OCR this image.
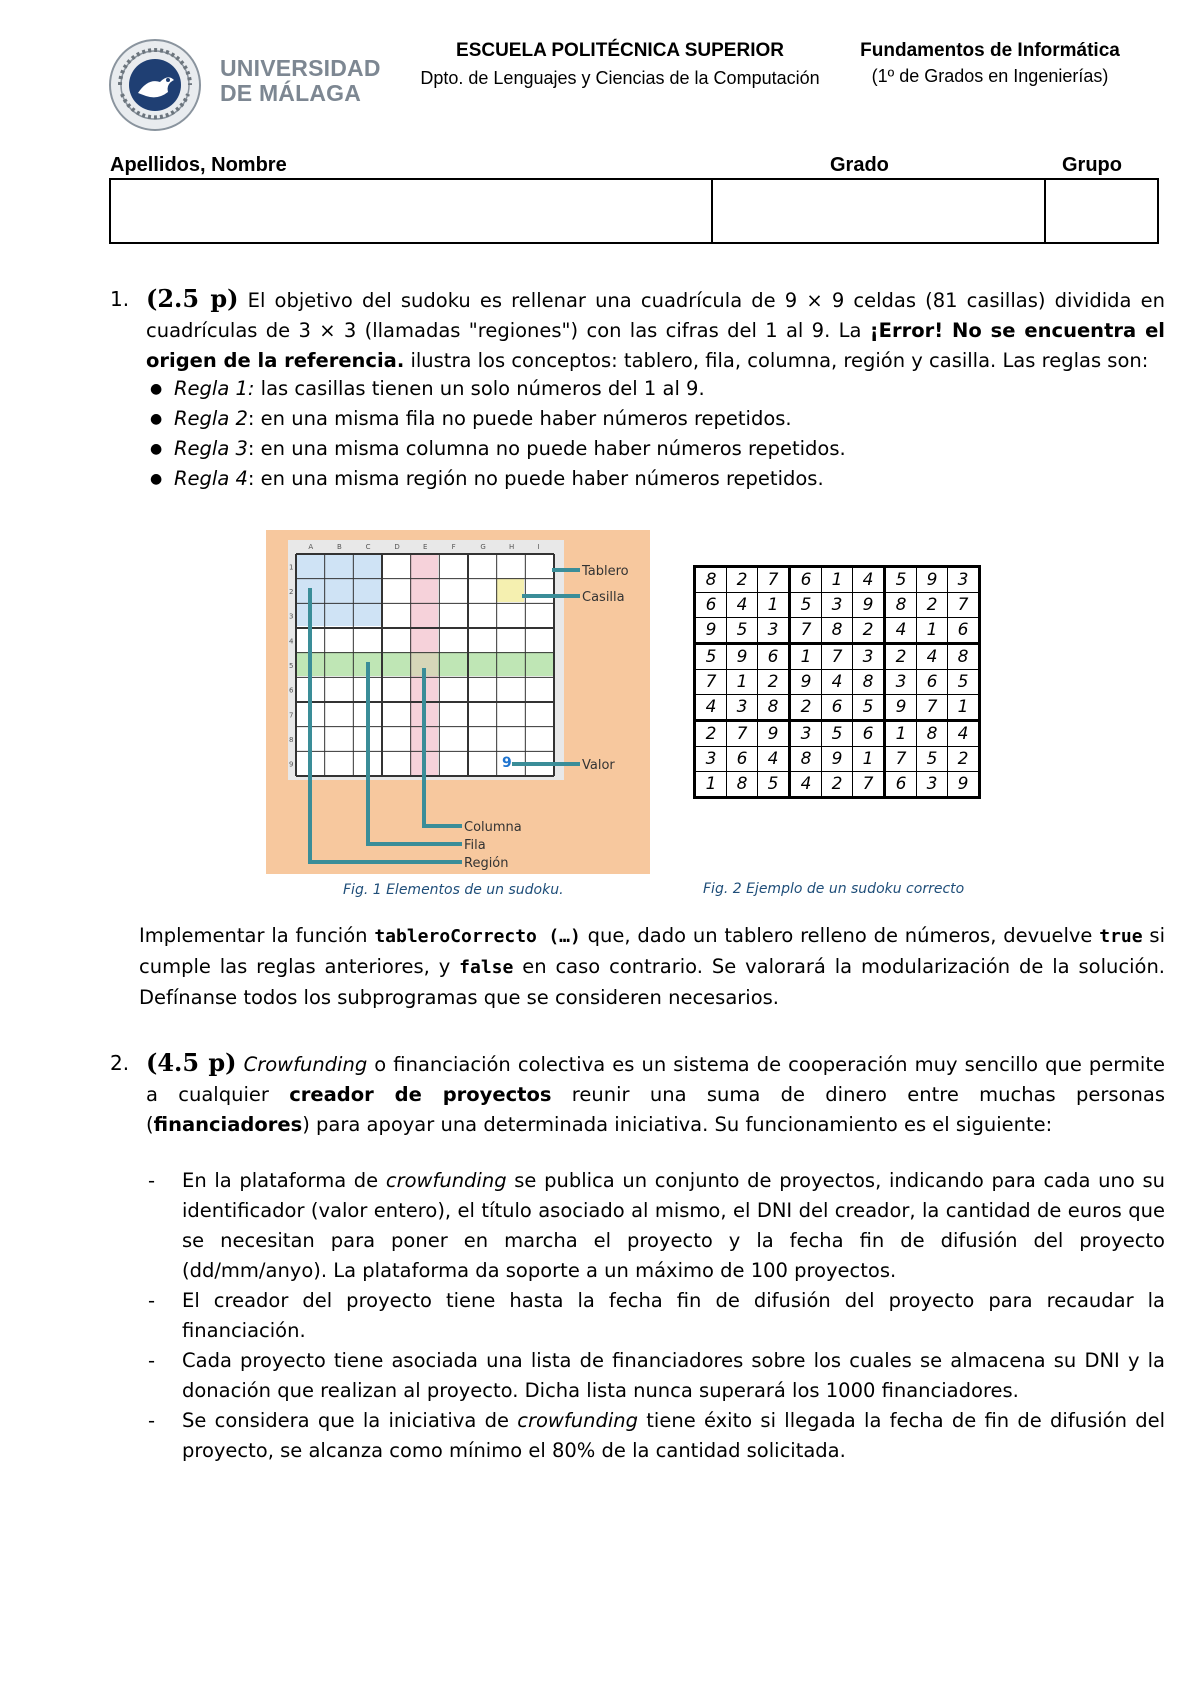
UNIVERSIDAD
DE MÁLAGA
ESCUELA POLITÉCNICA SUPERIOR
Dpto. de Lenguajes y Ciencias de la Computación
Fundamentos de Informática
(1º de Grados en Ingenierías)
Apellidos, Nombre	Grado	Grupo
1. (2.5 p) El objetivo del sudoku es rellenar una cuadrícula de 9 × 9 celdas (81 casillas) dividida en cuadrículas de 3 × 3 (llamadas "regiones") con las cifras del 1 al 9. La ¡Error! No se encuentra el origen de la referencia. ilustra los conceptos: tablero, fila, columna, región y casilla. Las reglas son:
● Regla 1: las casillas tienen un solo números del 1 al 9.
● Regla 2: en una misma fila no puede haber números repetidos.
● Regla 3: en una misma columna no puede haber números repetidos.
● Regla 4: en una misma región no puede haber números repetidos.
A	B	C	D	E	F	G	H	I
1
2
3
4
5
6
7
8
9	9
Tablero
Casilla
Valor
Columna
Fila
Región
Fig. 1 Elementos de un sudoku.
8	2	7	6	1	4	5	9	3
6	4	1	5	3	9	8	2	7
9	5	3	7	8	2	4	1	6
5	9	6	1	7	3	2	4	8
7	1	2	9	4	8	3	6	5
4	3	8	2	6	5	9	7	1
2	7	9	3	5	6	1	8	4
3	6	4	8	9	1	7	5	2
1	8	5	4	2	7	6	3	9
Fig. 2 Ejemplo de un sudoku correcto
Implementar la función tableroCorrecto (…) que, dado un tablero relleno de números, devuelve true si cumple las reglas anteriores, y false en caso contrario. Se valorará la modularización de la solución. Defínanse todos los subprogramas que se consideren necesarios.
2. (4.5 p) Crowfunding o financiación colectiva es un sistema de cooperación muy sencillo que permite a cualquier creador de proyectos reunir una suma de dinero entre muchas personas (financiadores) para apoyar una determinada iniciativa. Su funcionamiento es el siguiente:
- En la plataforma de crowfunding se publica un conjunto de proyectos, indicando para cada uno su identificador (valor entero), el título asociado al mismo, el DNI del creador, la cantidad de euros que se necesitan para poner en marcha el proyecto y la fecha fin de difusión del proyecto (dd/mm/anyo). La plataforma da soporte a un máximo de 100 proyectos.
- El creador del proyecto tiene hasta la fecha fin de difusión del proyecto para recaudar la financiación.
- Cada proyecto tiene asociada una lista de financiadores sobre los cuales se almacena su DNI y la donación que realizan al proyecto. Dicha lista nunca superará los 1000 financiadores.
- Se considera que la iniciativa de crowfunding tiene éxito si llegada la fecha de fin de difusión del proyecto, se alcanza como mínimo el 80% de la cantidad solicitada.
